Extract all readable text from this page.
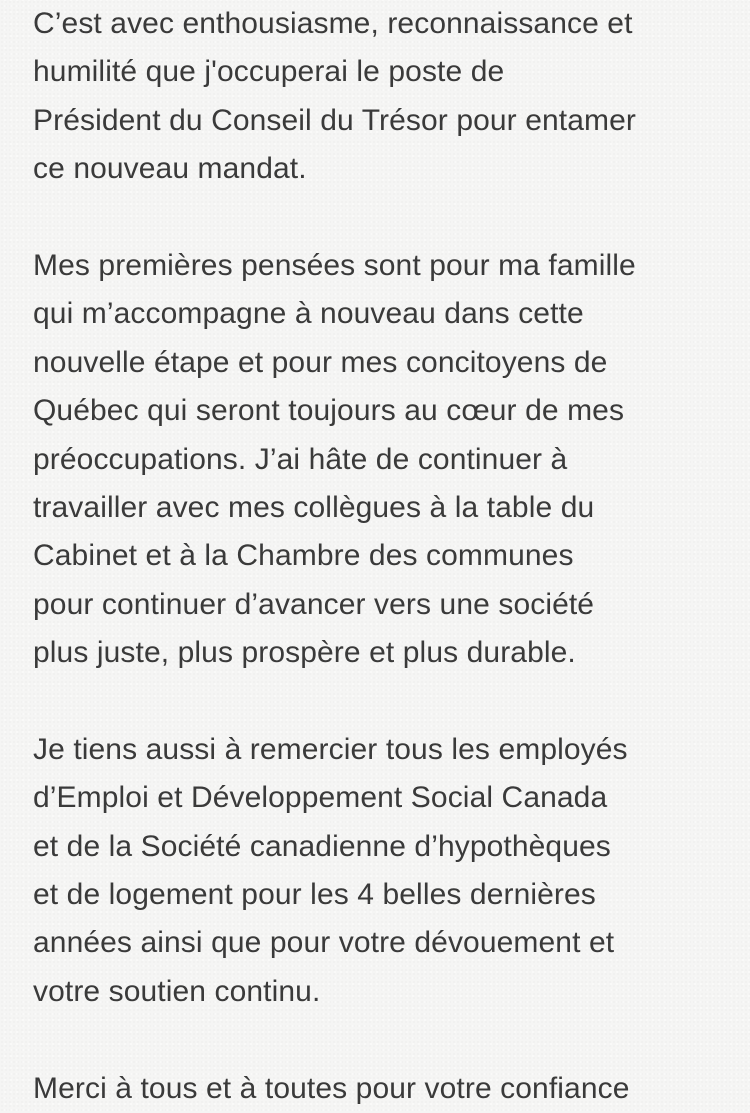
C’est avec enthousiasme, reconnaissance et
humilité que j'occuperai le poste de
Président du Conseil du Trésor pour entamer
ce nouveau mandat.

Mes premières pensées sont pour ma famille
qui m’accompagne à nouveau dans cette
nouvelle étape et pour mes concitoyens de
Québec qui seront toujours au cœur de mes
préoccupations. J’ai hâte de continuer à
travailler avec mes collègues à la table du
Cabinet et à la Chambre des communes
pour continuer d’avancer vers une société
plus juste, plus prospère et plus durable.

Je tiens aussi à remercier tous les employés
d’Emploi et Développement Social Canada
et de la Société canadienne d’hypothèques
et de logement pour les 4 belles dernières
années ainsi que pour votre dévouement et
votre soutien continu.

Merci à tous et à toutes pour votre confiance
